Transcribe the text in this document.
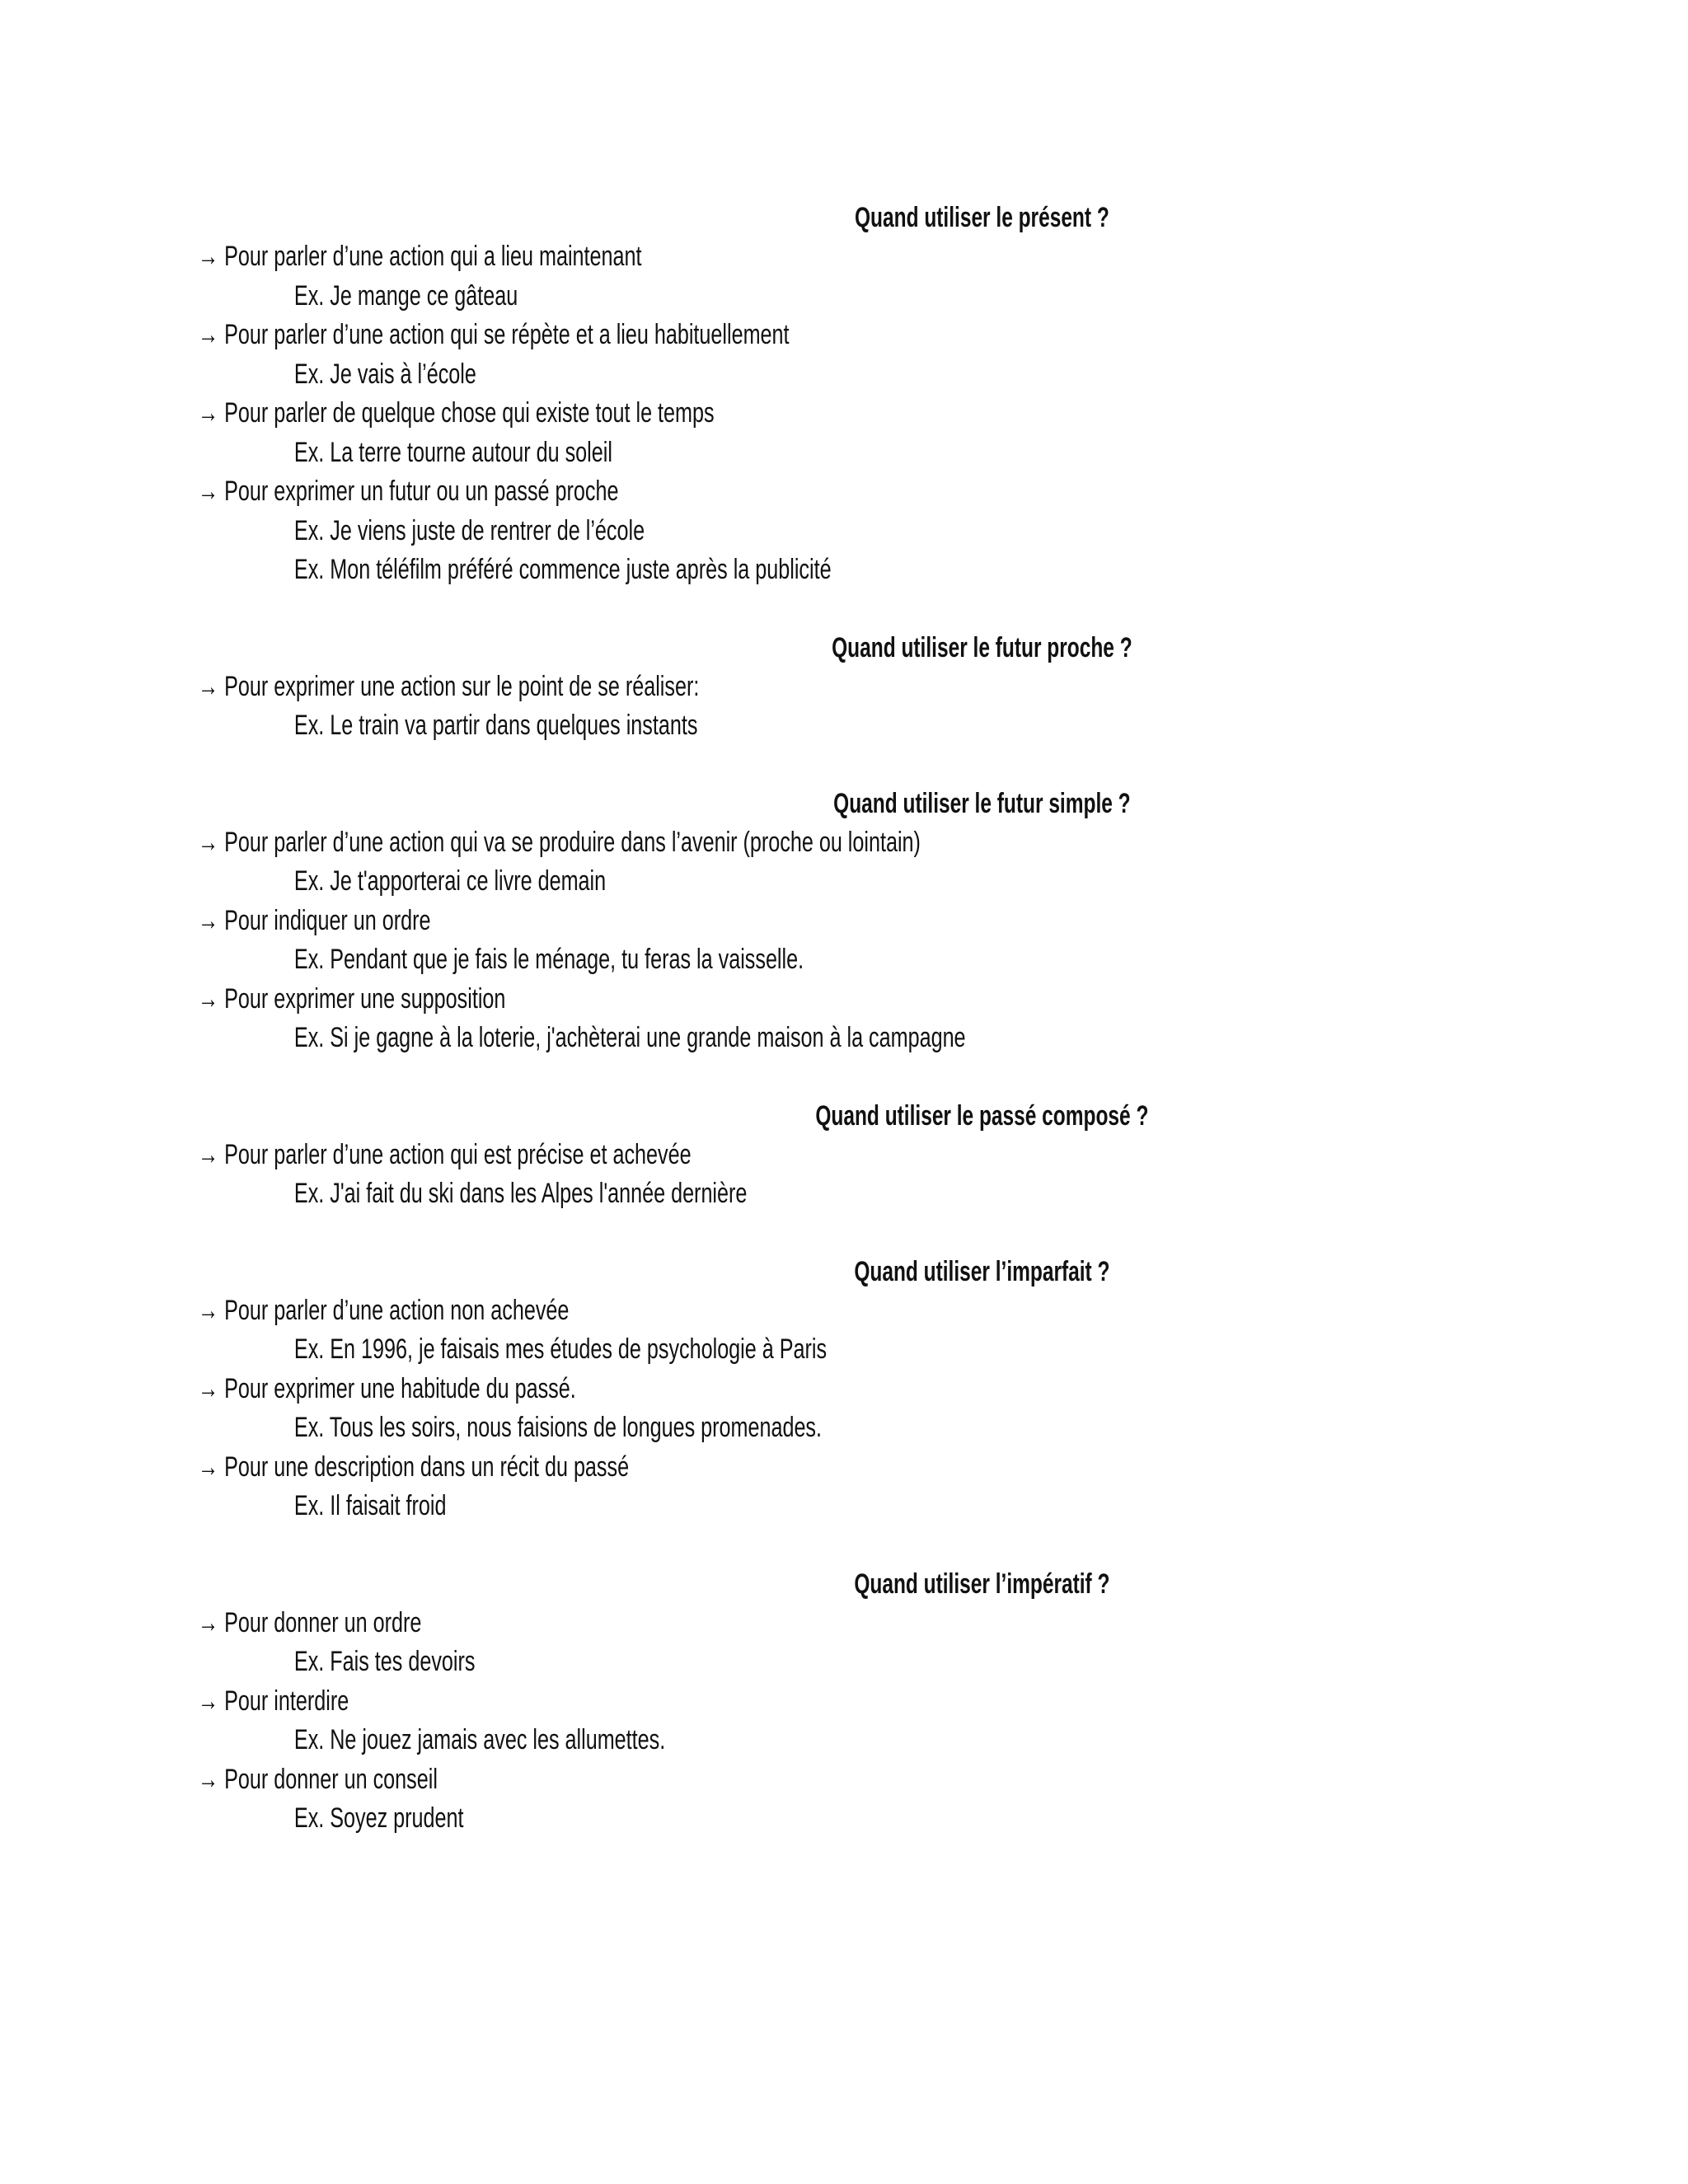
Quand utiliser le présent ?

→ Pour parler d’une action qui a lieu maintenant

Ex. Je mange ce gâteau

→ Pour parler d’une action qui se répète et a lieu habituellement

Ex. Je vais à l’école

→ Pour parler de quelque chose qui existe tout le temps

Ex. La terre tourne autour du soleil

→ Pour exprimer un futur ou un passé proche

Ex. Je viens juste de rentrer de l’école

Ex. Mon téléfilm préféré commence juste après la publicité

Quand utiliser le futur proche ?

→ Pour exprimer une action sur le point de se réaliser:

Ex. Le train va partir dans quelques instants

Quand utiliser le futur simple ?

→ Pour parler d’une action qui va se produire dans l’avenir (proche ou lointain)

Ex. Je t'apporterai ce livre demain

→ Pour indiquer un ordre

Ex. Pendant que je fais le ménage, tu feras la vaisselle.

→ Pour exprimer une supposition

Ex. Si je gagne à la loterie, j'achèterai une grande maison à la campagne

Quand utiliser le passé composé ?

→ Pour parler d’une action qui est précise et achevée

Ex. J'ai fait du ski dans les Alpes l'année dernière

Quand utiliser l’imparfait ?

→ Pour parler d’une action non achevée

Ex. En 1996, je faisais mes études de psychologie à Paris

→ Pour exprimer une habitude du passé.

Ex. Tous les soirs, nous faisions de longues promenades.

→ Pour une description dans un récit du passé

Ex. Il faisait froid

Quand utiliser l’impératif ?

→ Pour donner un ordre

Ex. Fais tes devoirs

→ Pour interdire

Ex. Ne jouez jamais avec les allumettes.

→ Pour donner un conseil

Ex. Soyez prudent
